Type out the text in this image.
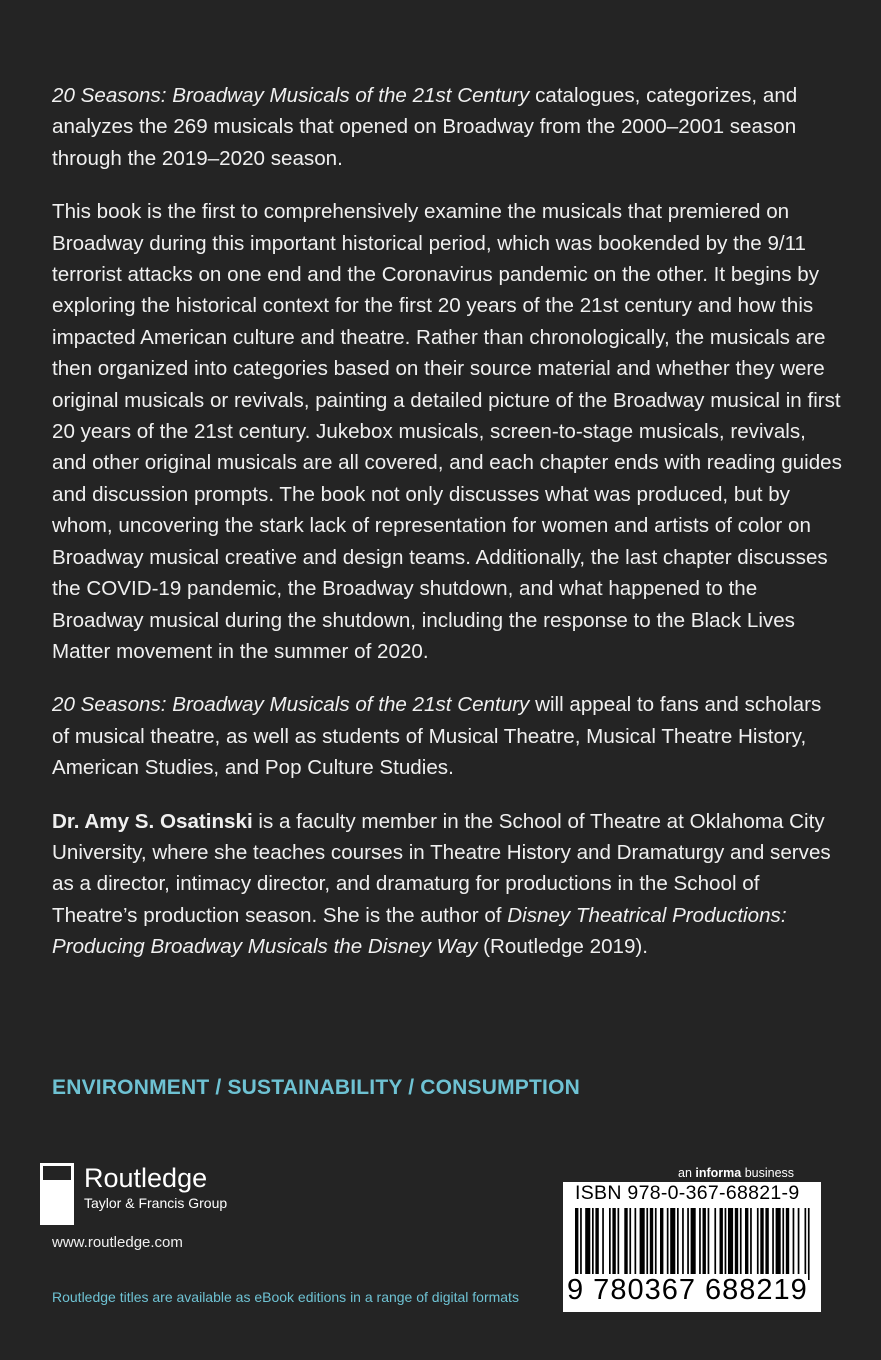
20 Seasons: Broadway Musicals of the 21st Century catalogues, categorizes, and analyzes the 269 musicals that opened on Broadway from the 2000–2001 season through the 2019–2020 season.

This book is the first to comprehensively examine the musicals that premiered on Broadway during this important historical period, which was bookended by the 9/11 terrorist attacks on one end and the Coronavirus pandemic on the other. It begins by exploring the historical context for the first 20 years of the 21st century and how this impacted American culture and theatre. Rather than chronologically, the musicals are then organized into categories based on their source material and whether they were original musicals or revivals, painting a detailed picture of the Broadway musical in first 20 years of the 21st century. Jukebox musicals, screen-to-stage musicals, revivals, and other original musicals are all covered, and each chapter ends with reading guides and discussion prompts. The book not only discusses what was produced, but by whom, uncovering the stark lack of representation for women and artists of color on Broadway musical creative and design teams. Additionally, the last chapter discusses the COVID-19 pandemic, the Broadway shutdown, and what happened to the Broadway musical during the shutdown, including the response to the Black Lives Matter movement in the summer of 2020.

20 Seasons: Broadway Musicals of the 21st Century will appeal to fans and scholars of musical theatre, as well as students of Musical Theatre, Musical Theatre History, American Studies, and Pop Culture Studies.

Dr. Amy S. Osatinski is a faculty member in the School of Theatre at Oklahoma City University, where she teaches courses in Theatre History and Dramaturgy and serves as a director, intimacy director, and dramaturg for productions in the School of Theatre’s production season. She is the author of Disney Theatrical Productions: Producing Broadway Musicals the Disney Way (Routledge 2019).

ENVIRONMENT / SUSTAINABILITY / CONSUMPTION
ROUTLEDGE
Routledge
Taylor & Francis Group
www.routledge.com
Routledge titles are available as eBook editions in a range of digital formats
an informa business
ISBN 978-0-367-68821-9
9 780367 688219
